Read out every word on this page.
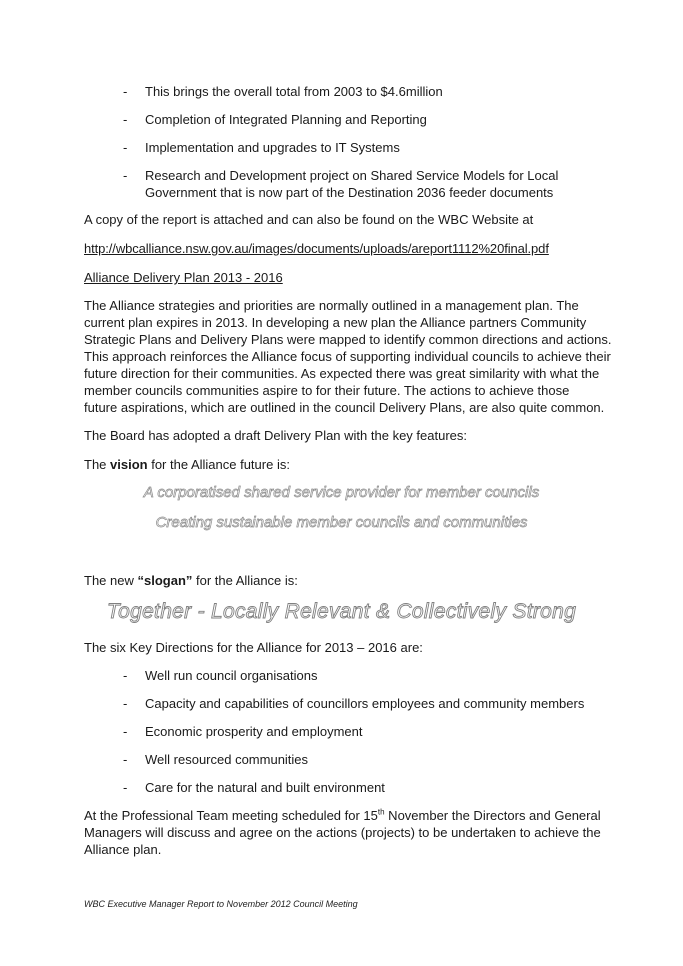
- This brings the overall total from 2003 to $4.6million
- Completion of Integrated Planning and Reporting
- Implementation and upgrades to IT Systems
- Research and Development project on Shared Service Models for Local
Government that is now part of the Destination 2036 feeder documents
A copy of the report is attached and can also be found on the WBC Website at
http://wbcalliance.nsw.gov.au/images/documents/uploads/areport1112%20final.pdf
Alliance Delivery Plan 2013 - 2016
The Alliance strategies and priorities are normally outlined in a management plan. The
current plan expires in 2013. In developing a new plan the Alliance partners Community
Strategic Plans and Delivery Plans were mapped to identify common directions and actions.
This approach reinforces the Alliance focus of supporting individual councils to achieve their
future direction for their communities. As expected there was great similarity with what the
member councils communities aspire to for their future. The actions to achieve those
future aspirations, which are outlined in the council Delivery Plans, are also quite common.
The Board has adopted a draft Delivery Plan with the key features:
The vision for the Alliance future is:
A corporatised shared service provider for member councils
Creating sustainable member councils and communities
The new “slogan” for the Alliance is:
Together - Locally Relevant & Collectively Strong
The six Key Directions for the Alliance for 2013 – 2016 are:
- Well run council organisations
- Capacity and capabilities of councillors employees and community members
- Economic prosperity and employment
- Well resourced communities
- Care for the natural and built environment
At the Professional Team meeting scheduled for 15th November the Directors and General
Managers will discuss and agree on the actions (projects) to be undertaken to achieve the
Alliance plan.
WBC Executive Manager Report to November 2012 Council Meeting
